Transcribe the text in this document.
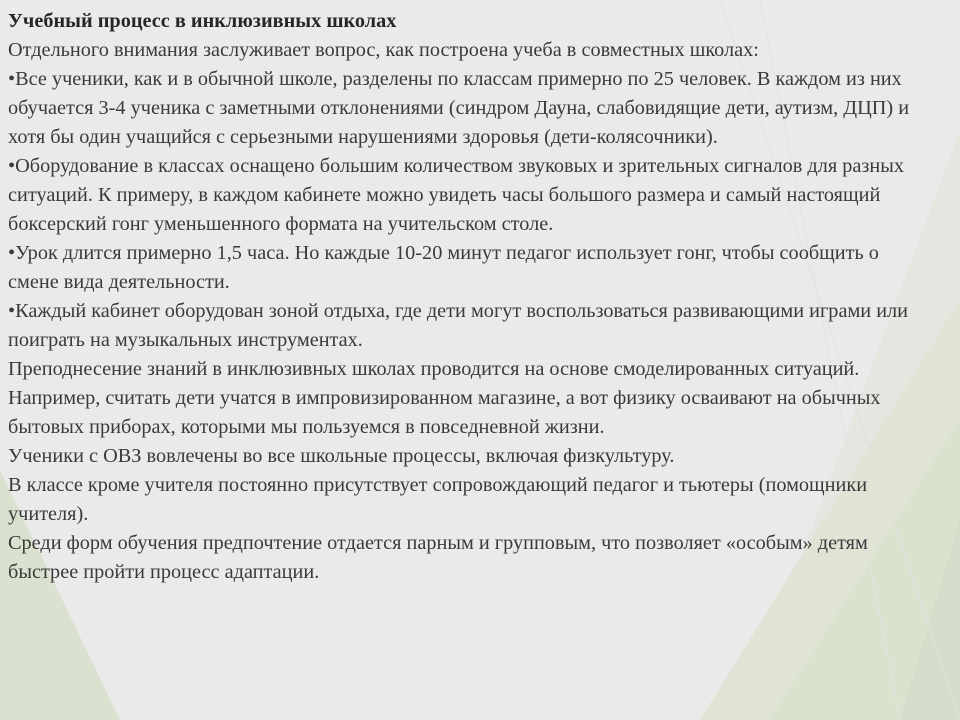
Учебный процесс в инклюзивных школах

Отдельного внимания заслуживает вопрос, как построена учеба в совместных школах:

•Все ученики, как и в обычной школе, разделены по классам примерно по 25 человек. В каждом из них обучается 3-4 ученика с заметными отклонениями (синдром Дауна, слабовидящие дети, аутизм, ДЦП) и хотя бы один учащийся с серьезными нарушениями здоровья (дети-колясочники).

•Оборудование в классах оснащено большим количеством звуковых и зрительных сигналов для разных ситуаций. К примеру, в каждом кабинете можно увидеть часы большого размера и самый настоящий боксерский гонг уменьшенного формата на учительском столе.

•Урок длится примерно 1,5 часа. Но каждые 10-20 минут педагог использует гонг, чтобы сообщить о смене вида деятельности.

•Каждый кабинет оборудован зоной отдыха, где дети могут воспользоваться развивающими играми или поиграть на музыкальных инструментах.

Преподнесение знаний в инклюзивных школах проводится на основе смоделированных ситуаций. Например, считать дети учатся в импровизированном магазине, а вот физику осваивают на обычных бытовых приборах, которыми мы пользуемся в повседневной жизни.

Ученики с ОВЗ вовлечены во все школьные процессы, включая физкультуру.

В классе кроме учителя постоянно присутствует сопровождающий педагог и тьютеры (помощники учителя).

Среди форм обучения предпочтение отдается парным и групповым, что позволяет «особым» детям быстрее пройти процесс адаптации.
